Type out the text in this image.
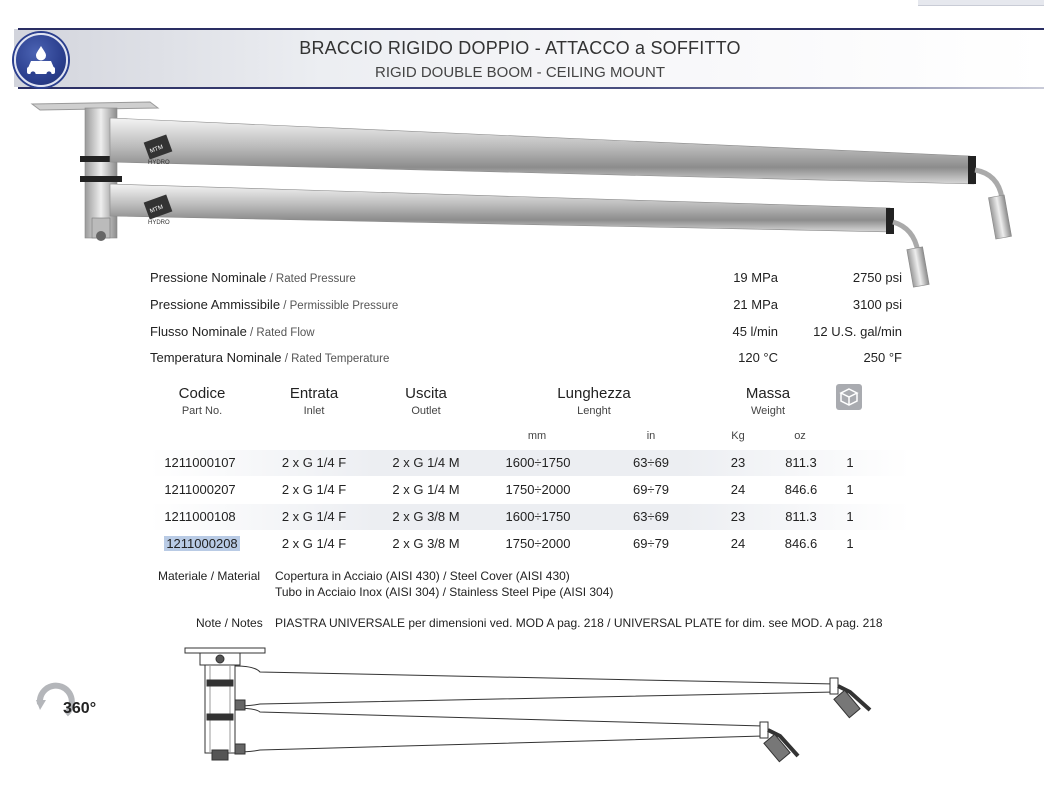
BRACCIO RIGIDO DOPPIO - ATTACCO a SOFFITTO
RIGID DOUBLE BOOM - CEILING MOUNT
HYDRO
HYDRO
MTM
MTM
Pressione Nominale / Rated Pressure	19 MPa	2750 psi
Pressione Ammissibile / Permissible Pressure	21 MPa	3100 psi
Flusso Nominale / Rated Flow	45 l/min	12 U.S. gal/min
Temperatura Nominale / Rated Temperature	120 °C	250 °F
Codice
Part No.
Entrata
Inlet
Uscita
Outlet
Lunghezza
Lenght
Massa
Weight
mm	in	Kg	oz
1211000107	2 x G 1/4 F	2 x G 1/4 M	1600÷1750	63÷69	23	811.3	1
1211000207	2 x G 1/4 F	2 x G 1/4 M	1750÷2000	69÷79	24	846.6	1
1211000108	2 x G 1/4 F	2 x G 3/8 M	1600÷1750	63÷69	23	811.3	1
1211000208	2 x G 1/4 F	2 x G 3/8 M	1750÷2000	69÷79	24	846.6	1
Materiale / Material Copertura in Acciaio (AISI 430) / Steel Cover (AISI 430)
Tubo in Acciaio Inox (AISI 304) / Stainless Steel Pipe (AISI 304)
Note / Notes PIASTRA UNIVERSALE per dimensioni ved. MOD A pag. 218 / UNIVERSAL PLATE for dim. see MOD. A pag. 218
360°
